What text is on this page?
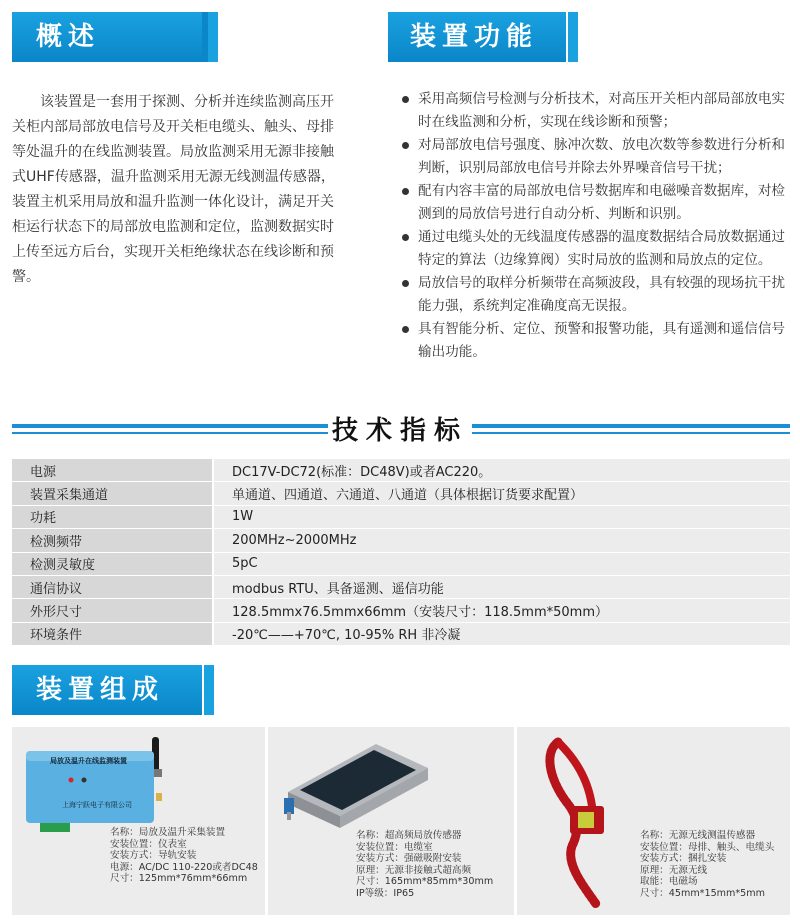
概述
该装置是一套用于探测、分析并连续监测高压开
关柜内部局部放电信号及开关柜电缆头、触头、母排
等处温升的在线监测装置。局放监测采用无源非接触
式UHF传感器，温升监测采用无源无线测温传感器，
装置主机采用局放和温升监测一体化设计，满足开关
柜运行状态下的局部放电监测和定位，监测数据实时
上传至远方后台，实现开关柜绝缘状态在线诊断和预
警。
装置功能
采用高频信号检测与分析技术，对高压开关柜内部局部放电实时在线监测和分析，实现在线诊断和预警；
对局部放电信号强度、脉冲次数、放电次数等参数进行分析和判断，识别局部放电信号并除去外界噪音信号干扰；
配有内容丰富的局部放电信号数据库和电磁噪音数据库，对检测到的局放信号进行自动分析、判断和识别。
通过电缆头处的无线温度传感器的温度数据结合局放数据通过特定的算法（边缘算阀）实时局放的监测和局放点的定位。
局放信号的取样分析频带在高频波段，具有较强的现场抗干扰能力强，系统判定准确度高无误报。
具有智能分析、定位、预警和报警功能，具有遥测和遥信信号输出功能。
技术指标
电源	DC17V-DC72(标准：DC48V)或者AC220。
装置采集通道	单通道、四通道、六通道、八通道（具体根据订货要求配置）
功耗	1W
检测频带	200MHz~2000MHz
检测灵敏度	5pC
通信协议	modbus RTU、具备遥测、遥信功能
外形尺寸	128.5mmx76.5mmx66mm（安装尺寸：118.5mm*50mm）
环境条件	-20℃——+70℃, 10-95% RH 非冷凝
装置组成
局放及温升在线监测装置
上海宁跃电子有限公司
名称：局放及温升采集装置
安装位置：仪表室
安装方式：导轨安装
电源：AC/DC 110-220或者DC48
尺寸：125mm*76mm*66mm
名称：超高频局放传感器
安装位置：电缆室
安装方式：强磁吸附安装
原理：无源非接触式超高频
尺寸：165mm*85mm*30mm
IP等级：IP65
名称：无源无线测温传感器
安装位置：母排、触头、电缆头
安装方式：捆扎安装
原理：无源无线
取能：电磁场
尺寸：45mm*15mm*5mm
